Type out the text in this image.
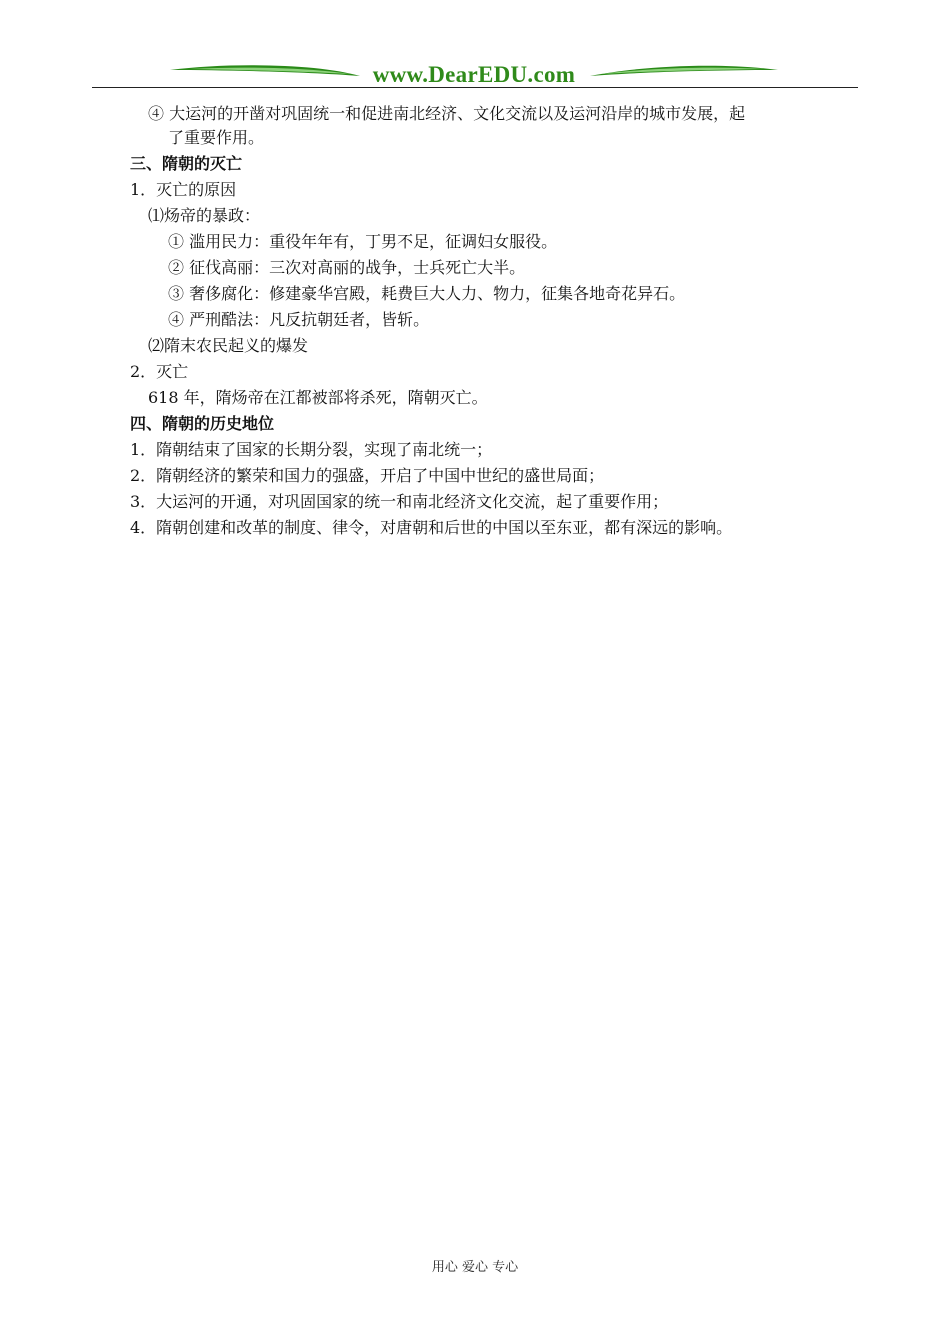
www.DearEDU.com
④ 大运河的开凿对巩固统一和促进南北经济、文化交流以及运河沿岸的城市发展，起
了重要作用。
三、隋朝的灭亡
1．灭亡的原因
⑴炀帝的暴政：
① 滥用民力：重役年年有，丁男不足，征调妇女服役。
② 征伐高丽：三次对高丽的战争，士兵死亡大半。
③ 奢侈腐化：修建豪华宫殿，耗费巨大人力、物力，征集各地奇花异石。
④ 严刑酷法：凡反抗朝廷者，皆斩。
⑵隋末农民起义的爆发
2．灭亡
618 年，隋炀帝在江都被部将杀死，隋朝灭亡。
四、隋朝的历史地位
1．隋朝结束了国家的长期分裂，实现了南北统一；
2．隋朝经济的繁荣和国力的强盛，开启了中国中世纪的盛世局面；
3．大运河的开通，对巩固国家的统一和南北经济文化交流，起了重要作用；
4．隋朝创建和改革的制度、律令，对唐朝和后世的中国以至东亚，都有深远的影响。
用心 爱心 专心
